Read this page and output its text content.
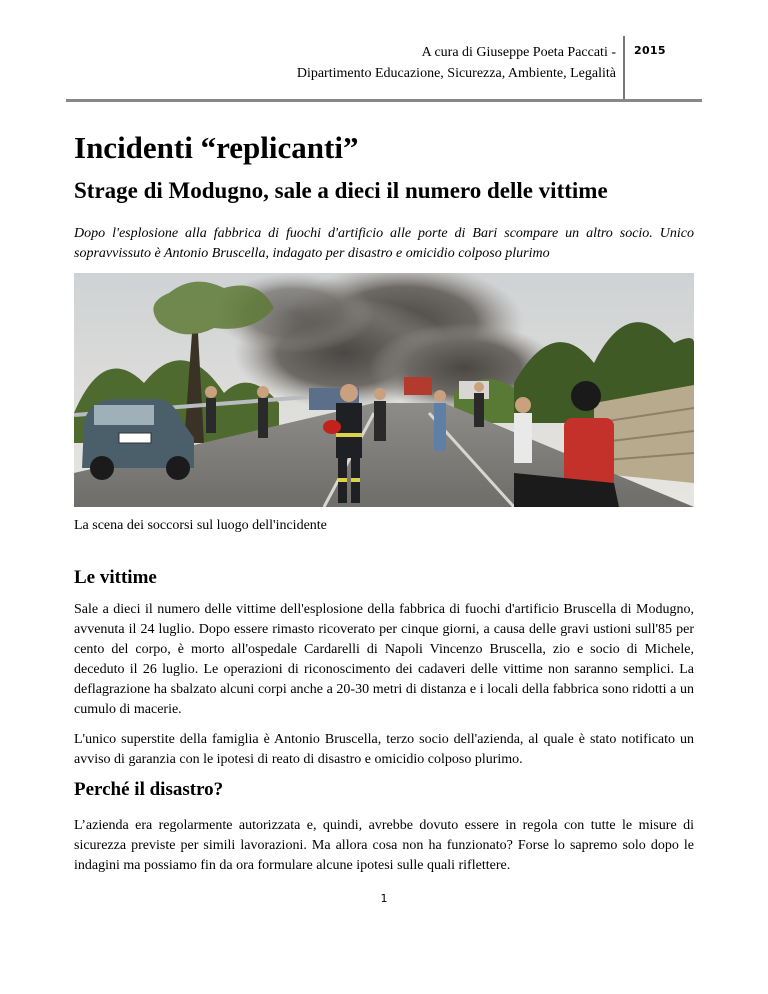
A cura di Giuseppe Poeta Paccati -
Dipartimento Educazione, Sicurezza, Ambiente, Legalità
2015
Incidenti “replicanti”
Strage di Modugno, sale a dieci il numero delle vittime
Dopo l'esplosione alla fabbrica di fuochi d'artificio alle porte di Bari scompare un altro socio. Unico sopravvissuto è Antonio Bruscella, indagato per disastro e omicidio colposo plurimo
La scena dei soccorsi sul luogo dell'incidente
Le vittime
Sale a dieci il numero delle vittime dell'esplosione della fabbrica di fuochi d'artificio Bruscella di Modugno, avvenuta il 24 luglio. Dopo essere rimasto ricoverato per cinque giorni, a causa delle gravi ustioni sull'85 per cento del corpo, è morto all'ospedale Cardarelli di Napoli Vincenzo Bruscella, zio e socio di Michele, deceduto il 26 luglio. Le operazioni di riconoscimento dei cadaveri delle vittime non saranno semplici. La deflagrazione ha sbalzato alcuni corpi anche a 20-30 metri di distanza e i locali della fabbrica sono ridotti a un cumulo di macerie.
L'unico superstite della famiglia è Antonio Bruscella, terzo socio dell'azienda, al quale è stato notificato un avviso di garanzia con le ipotesi di reato di disastro e omicidio colposo plurimo.
Perché il disastro?
L’azienda era regolarmente autorizzata e, quindi, avrebbe dovuto essere in regola con tutte le misure di sicurezza previste per simili lavorazioni. Ma allora cosa non ha funzionato? Forse lo sapremo solo dopo le indagini ma possiamo fin da ora formulare alcune ipotesi sulle quali riflettere.
1
